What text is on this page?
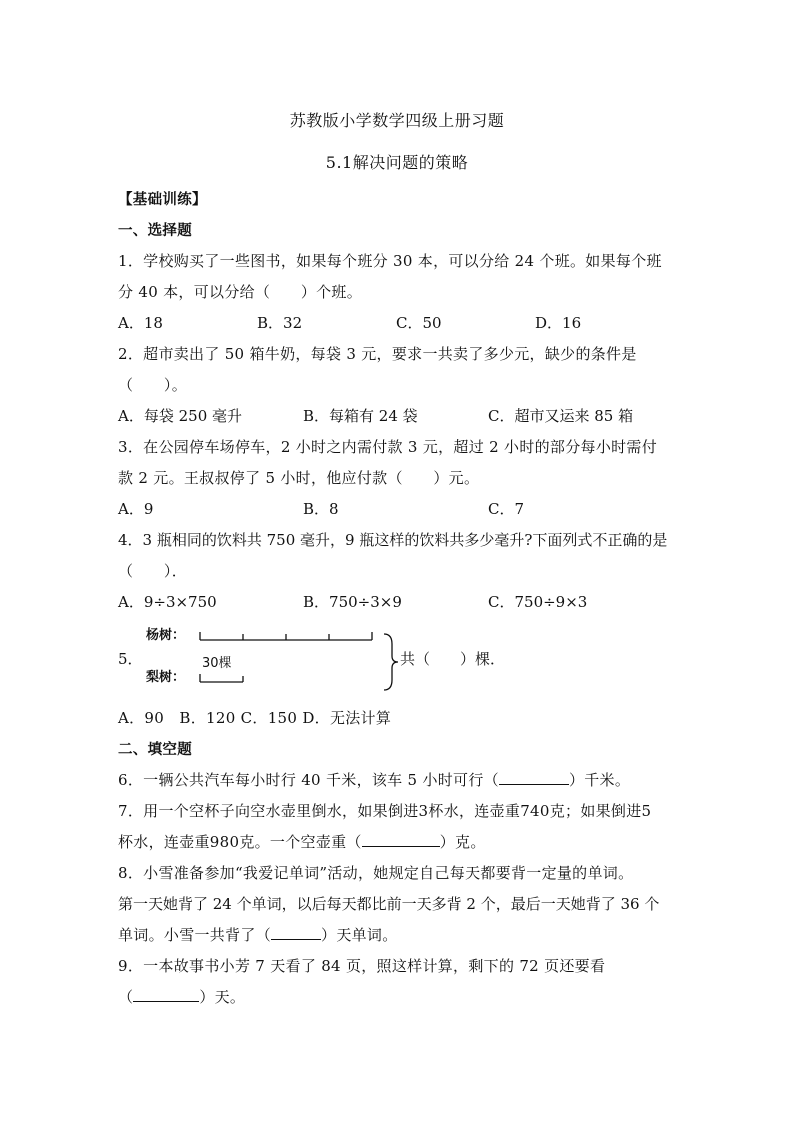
苏教版小学数学四级上册习题
5.1解决问题的策略
【基础训练】
一、选择题
1．学校购买了一些图书，如果每个班分 30 本，可以分给 24 个班。如果每个班
分 40 本，可以分给（　　）个班。
A．18	B．32	C．50	D．16
2．超市卖出了 50 箱牛奶，每袋 3 元，要求一共卖了多少元，缺少的条件是
（　　）。
A．每袋 250 毫升	B．每箱有 24 袋	C．超市又运来 85 箱
3．在公园停车场停车，2 小时之内需付款 3 元，超过 2 小时的部分每小时需付
款 2 元。王叔叔停了 5 小时，他应付款（　　）元。
A．9	B．8	C．7
4．3 瓶相同的饮料共 750 毫升，9 瓶这样的饮料共多少毫升?下面列式不正确的是
（　　）．
A．9÷3×750	B．750÷3×9	C．750÷9×3
杨树：
梨树：
30棵
5．	共（　　）棵．
A．90　B．120 C．150 D．无法计算
二、填空题
6．一辆公共汽车每小时行 40 千米，该车 5 小时可行（	）千米。
7．用一个空杯子向空水壶里倒水，如果倒进3杯水，连壶重740克；如果倒进5
杯水，连壶重980克。一个空壶重（	）克。
8．小雪准备参加“我爱记单词”活动，她规定自己每天都要背一定量的单词。
第一天她背了 24 个单词，以后每天都比前一天多背 2 个，最后一天她背了 36 个
单词。小雪一共背了（	）天单词。
9．一本故事书小芳 7 天看了 84 页，照这样计算，剩下的 72 页还要看
（	）天。
